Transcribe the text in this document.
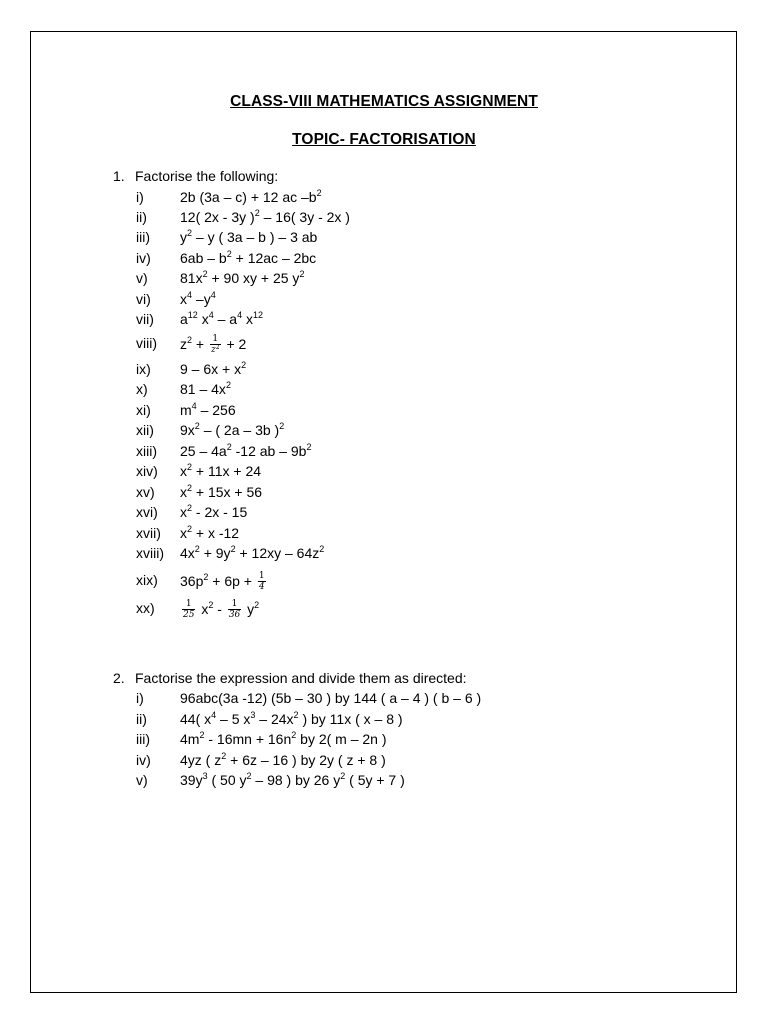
CLASS-VIII MATHEMATICS ASSIGNMENT
TOPIC- FACTORISATION
1. Factorise the following:
i)	2b (3a – c) + 12 ac $-b^2$
ii) 12( 2x - 3y )$^2$ – 16( 3y - 2x )
iii) $y^2$ – y ( 3a – b ) – 3 ab
iv) $6ab - b^2 + 12ac - 2bc$
v) $81x^2 + 90$ xy + 25 $y^2$
vi) $x^4$ $-y^4$
vii) $a^{12}$ $x^4 - a^4$ $x^{12}$
viii) $z^2 + \frac{1}{z^2} + 2$
ix) $9 - 6x + x^2$
x) $81 - 4x^2$
xi) $m^4 - 256$
xii) $9x^2$ – ( 2a – 3b )$^2$
xiii) $25 - 4a^2$ -12 ab – $9b^2$
xiv) $x^2 + 11x + 24$
xv) $x^2 + 15x + 56$
xvi) $x^2 - 2x - 15$
xvii) $x^2 + x$ -12
xviii) $4x^2 + 9y^2 + 12xy - 64z^2$
xix) $36p^2 + 6p + \frac{1}{4}$
xx)	$\frac{1}{25} x^2 - \frac{1}{36} y^2$
2. Factorise the expression and divide them as directed:
i)	96abc(3a -12) (5b – 30 ) by 144 ( a – 4 ) ( b – 6 )
ii) 44( $x^4 - 5$ $x^3 - 24x^2$ ) by 11x ( x – 8 )
iii) $4m^2 - 16mn + 16n^2$ by 2( m – 2n )
iv) 4yz ( $z^2 + 6z - 16$ ) by 2y ( z + 8 )
v) $39y^3$ ( 50 $y^2 - 98$ ) by 26 $y^2$ ( 5y + 7 )
